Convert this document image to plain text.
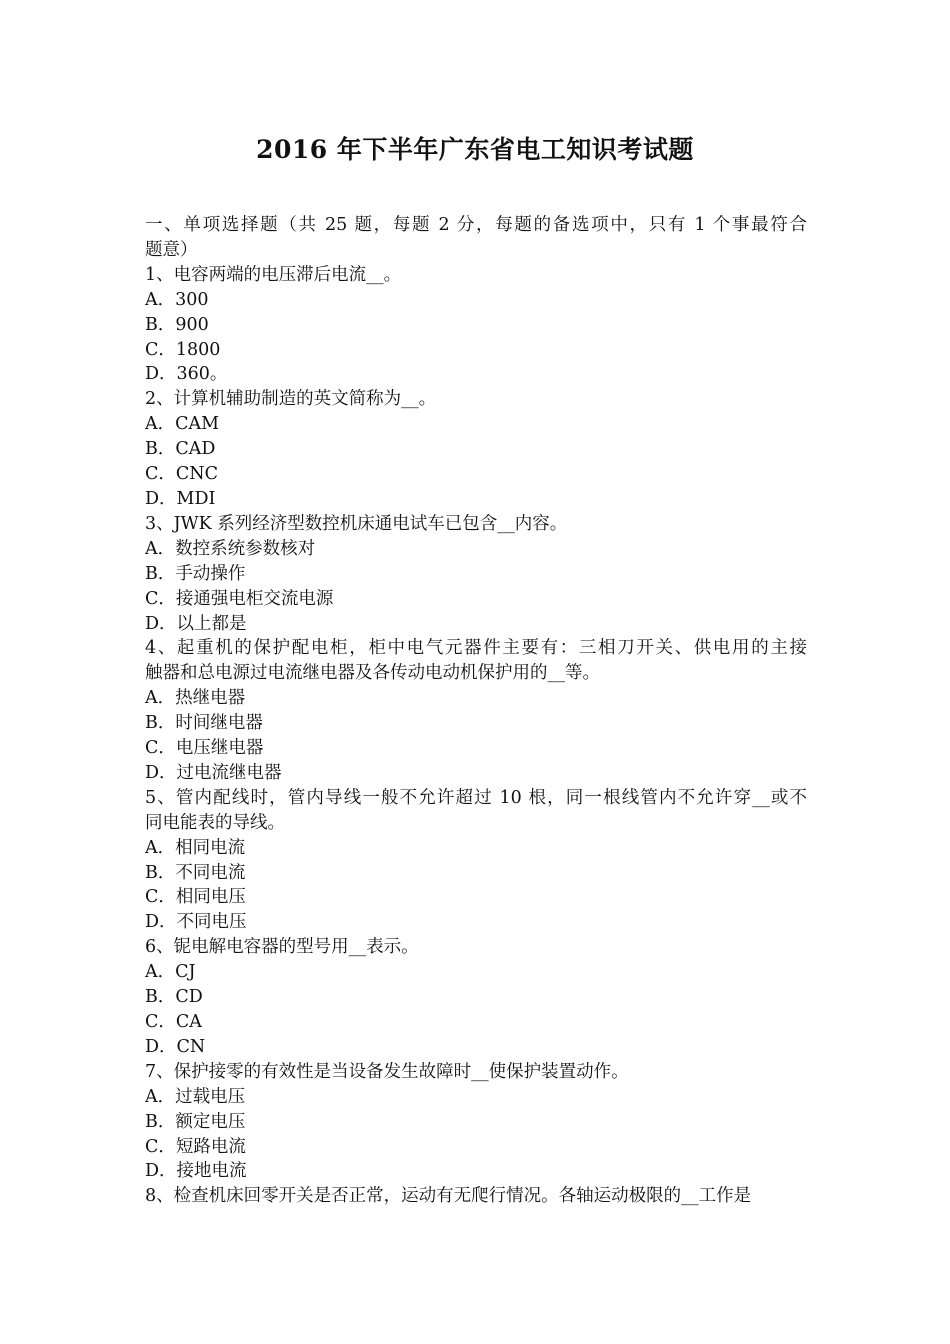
2016 年下半年广东省电工知识考试题
一、单项选择题（共 25 题，每题 2 分，每题的备选项中，只有 1 个事最符合
题意）
1、电容两端的电压滞后电流__。
A．300
B．900
C．1800
D．360。
2、计算机辅助制造的英文简称为__。
A．CAM
B．CAD
C．CNC
D．MDI
3、JWK 系列经济型数控机床通电试车已包含__内容。
A．数控系统参数核对
B．手动操作
C．接通强电柜交流电源
D．以上都是
4、起重机的保护配电柜，柜中电气元器件主要有：三相刀开关、供电用的主接
触器和总电源过电流继电器及各传动电动机保护用的__等。
A．热继电器
B．时间继电器
C．电压继电器
D．过电流继电器
5、管内配线时，管内导线一般不允许超过 10 根，同一根线管内不允许穿__或不
同电能表的导线。
A．相同电流
B．不同电流
C．相同电压
D．不同电压
6、铌电解电容器的型号用__表示。
A．CJ
B．CD
C．CA
D．CN
7、保护接零的有效性是当设备发生故障时__使保护装置动作。
A．过载电压
B．额定电压
C．短路电流
D．接地电流
8、检查机床回零开关是否正常，运动有无爬行情况。各轴运动极限的__工作是
